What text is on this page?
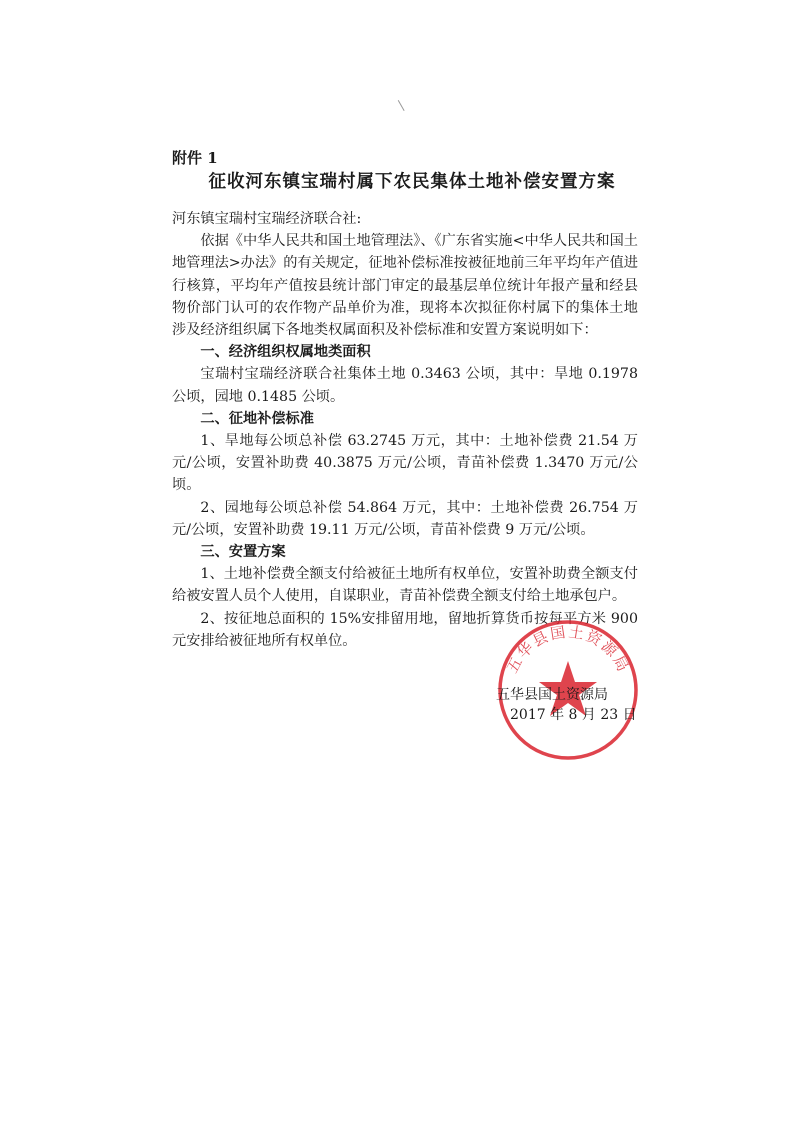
附件 1
征收河东镇宝瑞村属下农民集体土地补偿安置方案

河东镇宝瑞村宝瑞经济联合社:

依据《中华人民共和国土地管理法》、《广东省实施<中华人民共和国土地管理法>办法》的有关规定，征地补偿标准按被征地前三年平均年产值进行核算，平均年产值按县统计部门审定的最基层单位统计年报产量和经县物价部门认可的农作物产品单价为准，现将本次拟征你村属下的集体土地涉及经济组织属下各地类权属面积及补偿标准和安置方案说明如下：

一、经济组织权属地类面积

宝瑞村宝瑞经济联合社集体土地 0.3463 公顷，其中：旱地 0.1978 公顷，园地 0.1485 公顷。

二、征地补偿标准

1、旱地每公顷总补偿 63.2745 万元，其中：土地补偿费 21.54 万元/公顷，安置补助费 40.3875 万元/公顷，青苗补偿费 1.3470 万元/公顷。

2、园地每公顷总补偿 54.864 万元，其中：土地补偿费 26.754 万元/公顷，安置补助费 19.11 万元/公顷，青苗补偿费 9 万元/公顷。

三、安置方案

1、土地补偿费全额支付给被征土地所有权单位，安置补助费全额支付给被安置人员个人使用，自谋职业，青苗补偿费全额支付给土地承包户。

2、按征地总面积的 15%安排留用地，留地折算货币按每平方米 900 元安排给被征地所有权单位。

五华县国土资源局
五华县国土资源局
2017 年 8 月 23 日
